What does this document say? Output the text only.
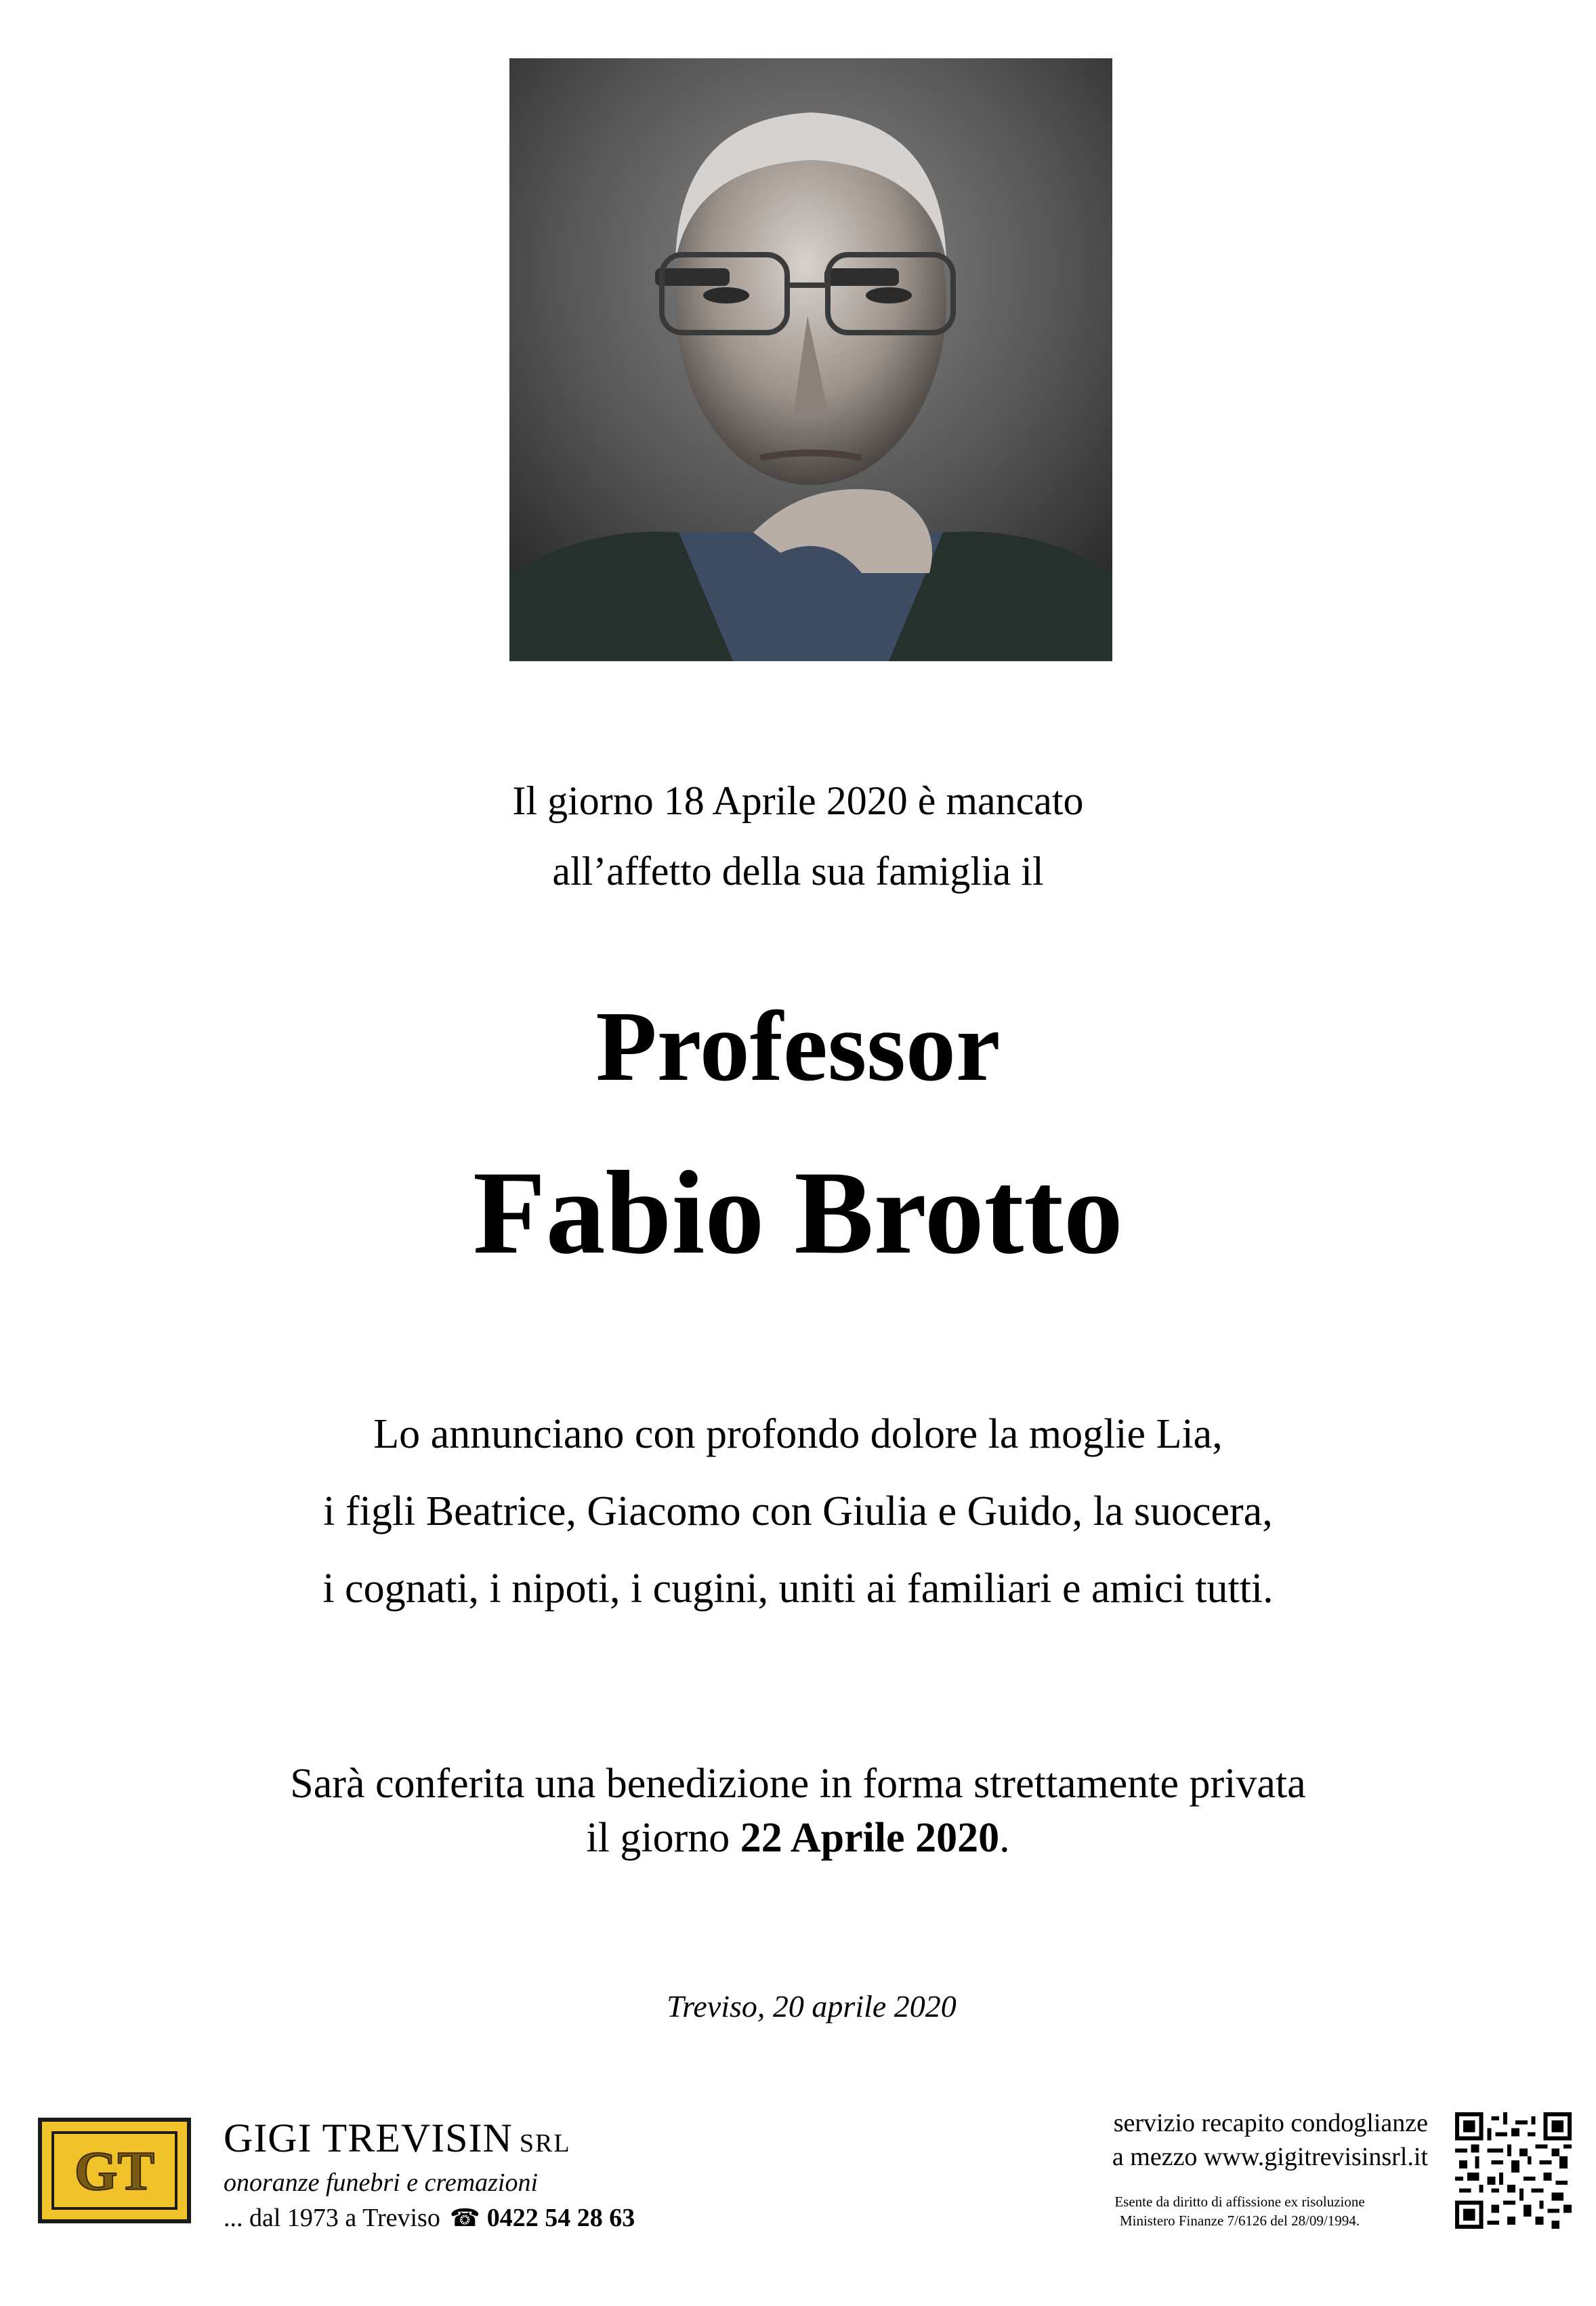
Il giorno 18 Aprile 2020 è mancato
all’affetto della sua famiglia il
Professor
Fabio Brotto
Lo annunciano con profondo dolore la moglie Lia,
i figli Beatrice, Giacomo con Giulia e Guido, la suocera,
i cognati, i nipoti, i cugini, uniti ai familiari e amici tutti.
Sarà conferita una benedizione in forma strettamente privata
il giorno 22 Aprile 2020.
Treviso, 20 aprile 2020
GT
GIGI TREVISIN SRL
onoranze funebri e cremazioni
... dal 1973 a Treviso ☎ 0422 54 28 63
servizio recapito condoglianze
a mezzo www.gigitrevisinsrl.it
Esente da diritto di affissione ex risoluzione
Ministero Finanze 7/6126 del 28/09/1994.
